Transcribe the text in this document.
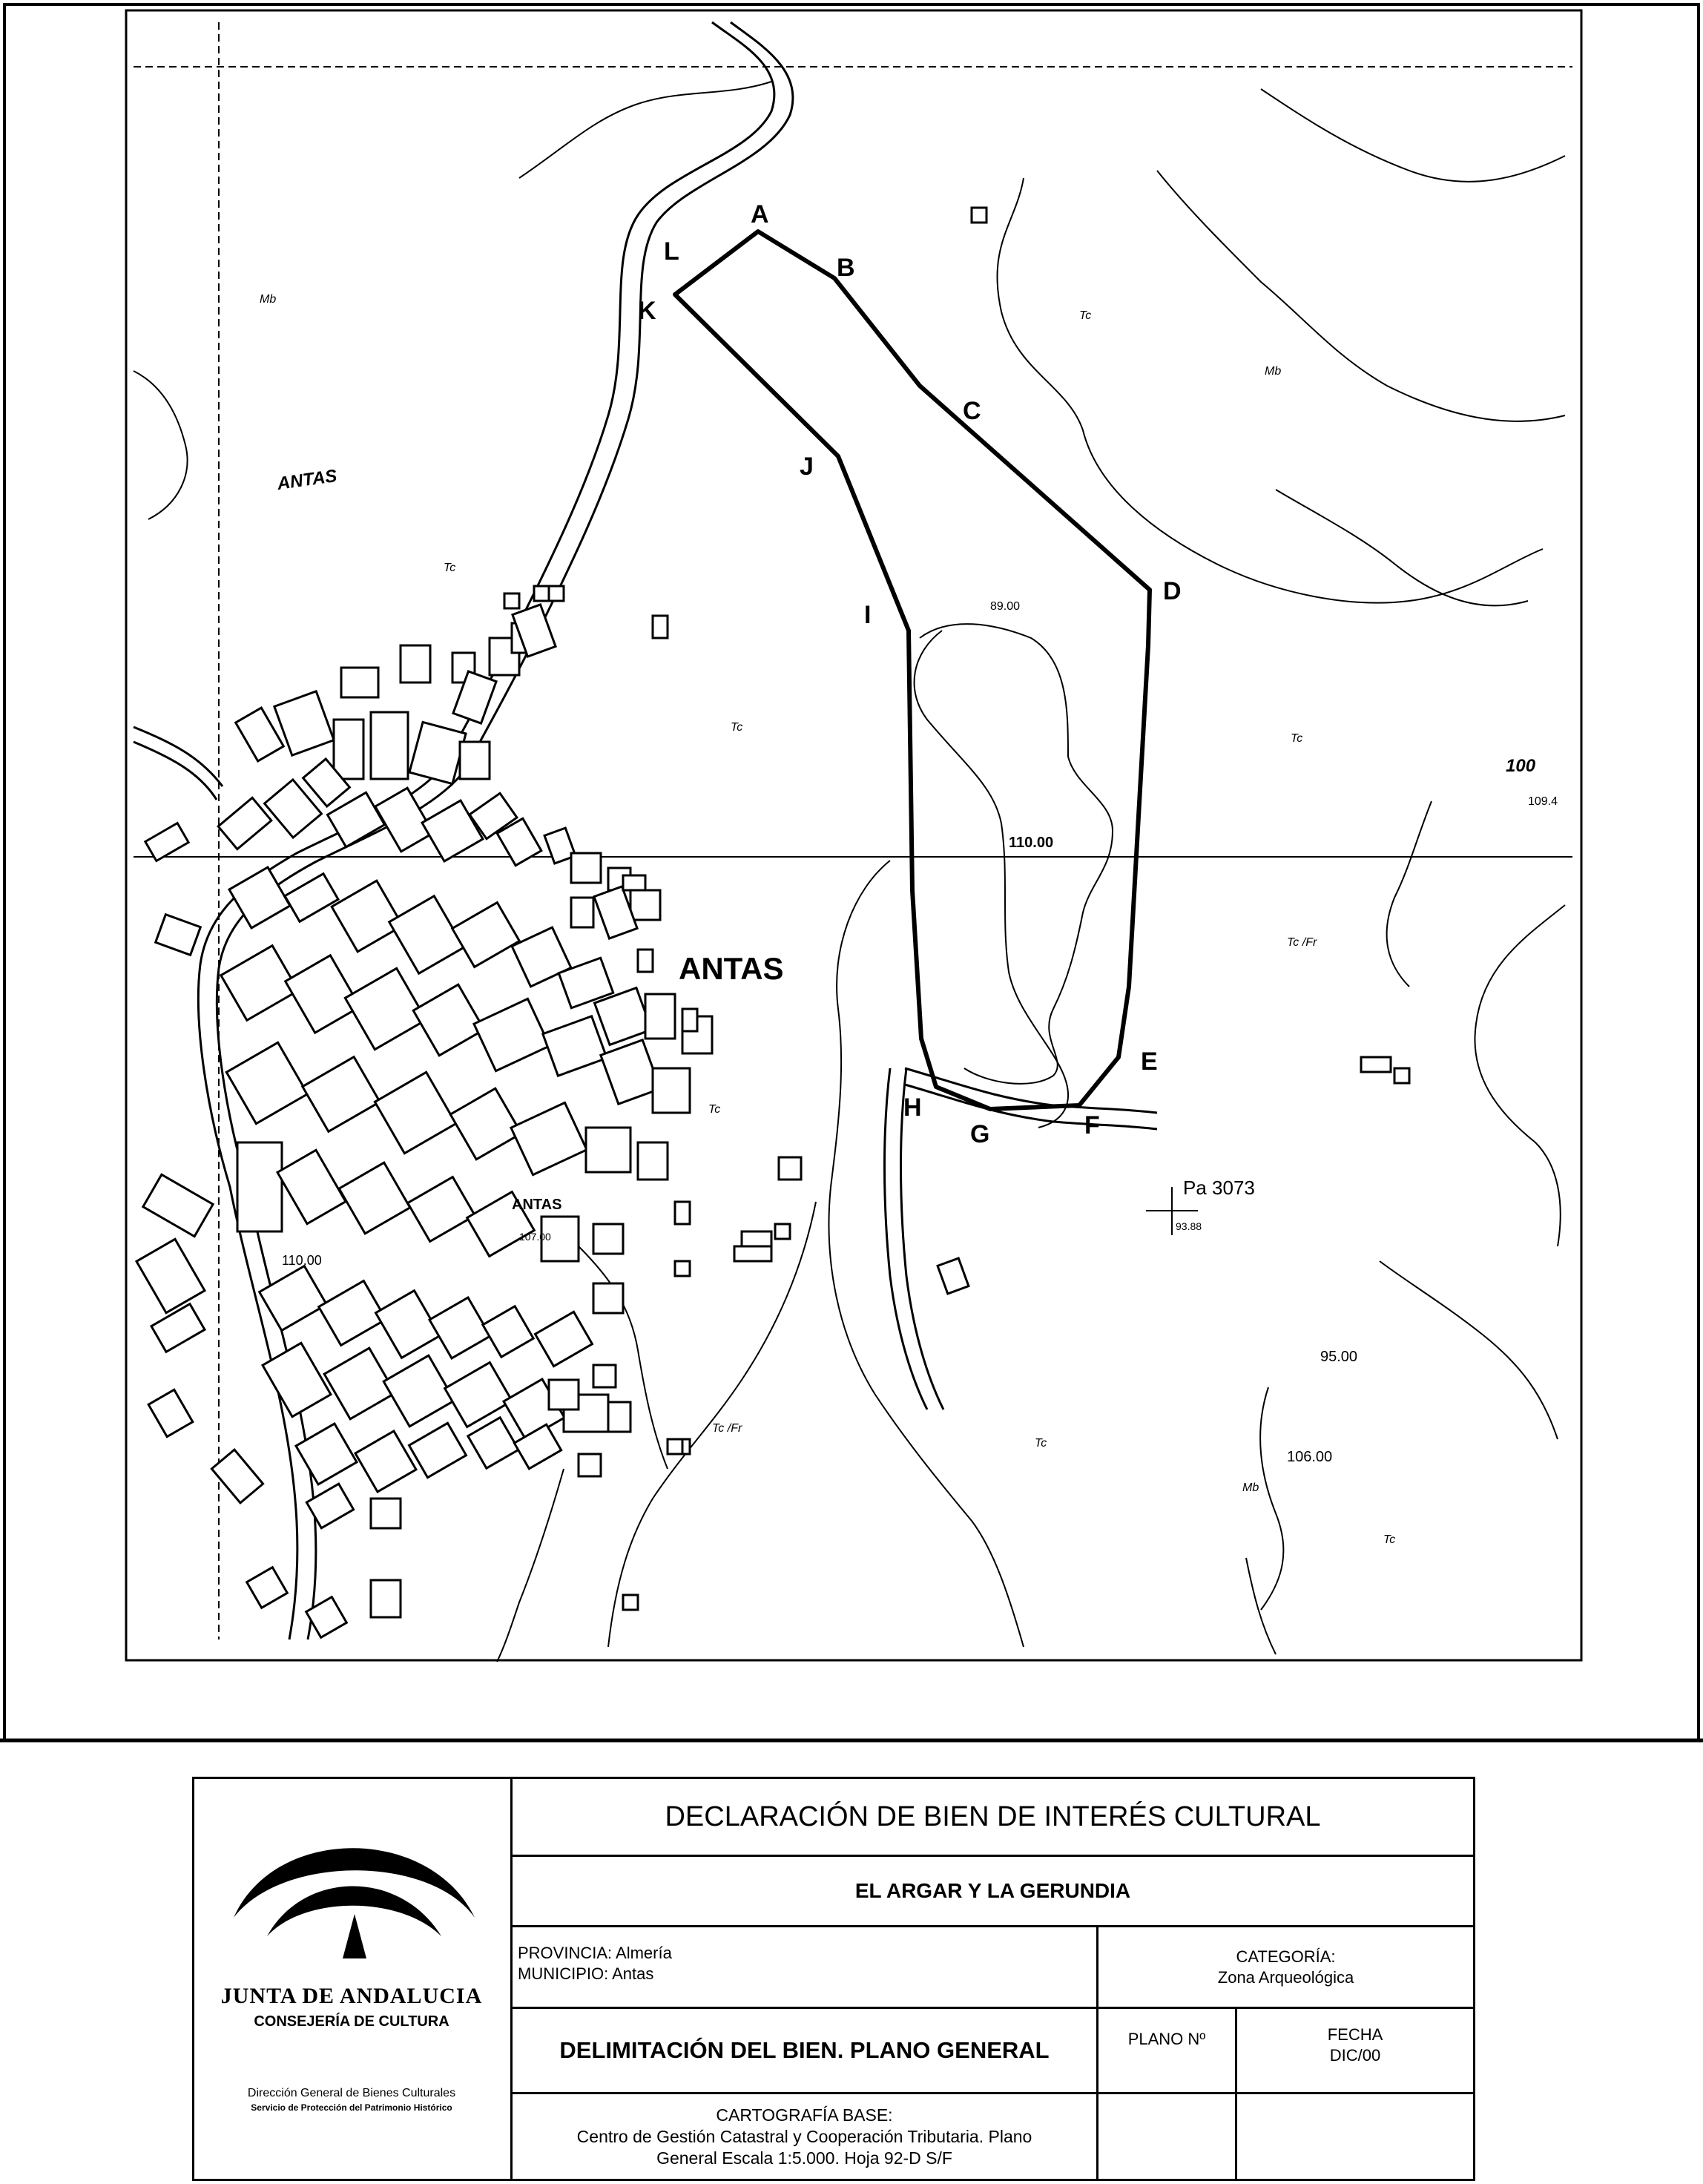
A
B
C
D
E
F
G
H
I
J
K
L
ANTAS
ANTAS
ANTAS
110.00
Pa 3073
93.88
95.00
106.00
100
107.00
89.00
109.4
110.00
Tc
Tc
Tc
Tc
Tc
Tc
Tc
Tc /Fr
Tc /Fr
Mb
Mb
Mb
JUNTA DE ANDALUCIA
CONSEJERÍA DE CULTURA
Dirección General de Bienes Culturales
Servicio de Protección del Patrimonio Histórico
DECLARACIÓN DE BIEN DE INTERÉS CULTURAL
EL ARGAR Y LA GERUNDIA
PROVINCIA: Almería
MUNICIPIO: Antas
CATEGORÍA:
Zona Arqueológica
DELIMITACIÓN DEL BIEN. PLANO GENERAL	PLANO Nº	FECHA
DIC/00
CARTOGRAFÍA BASE:
Centro de Gestión Catastral y Cooperación Tributaria. Plano
General Escala 1:5.000. Hoja 92-D S/F
